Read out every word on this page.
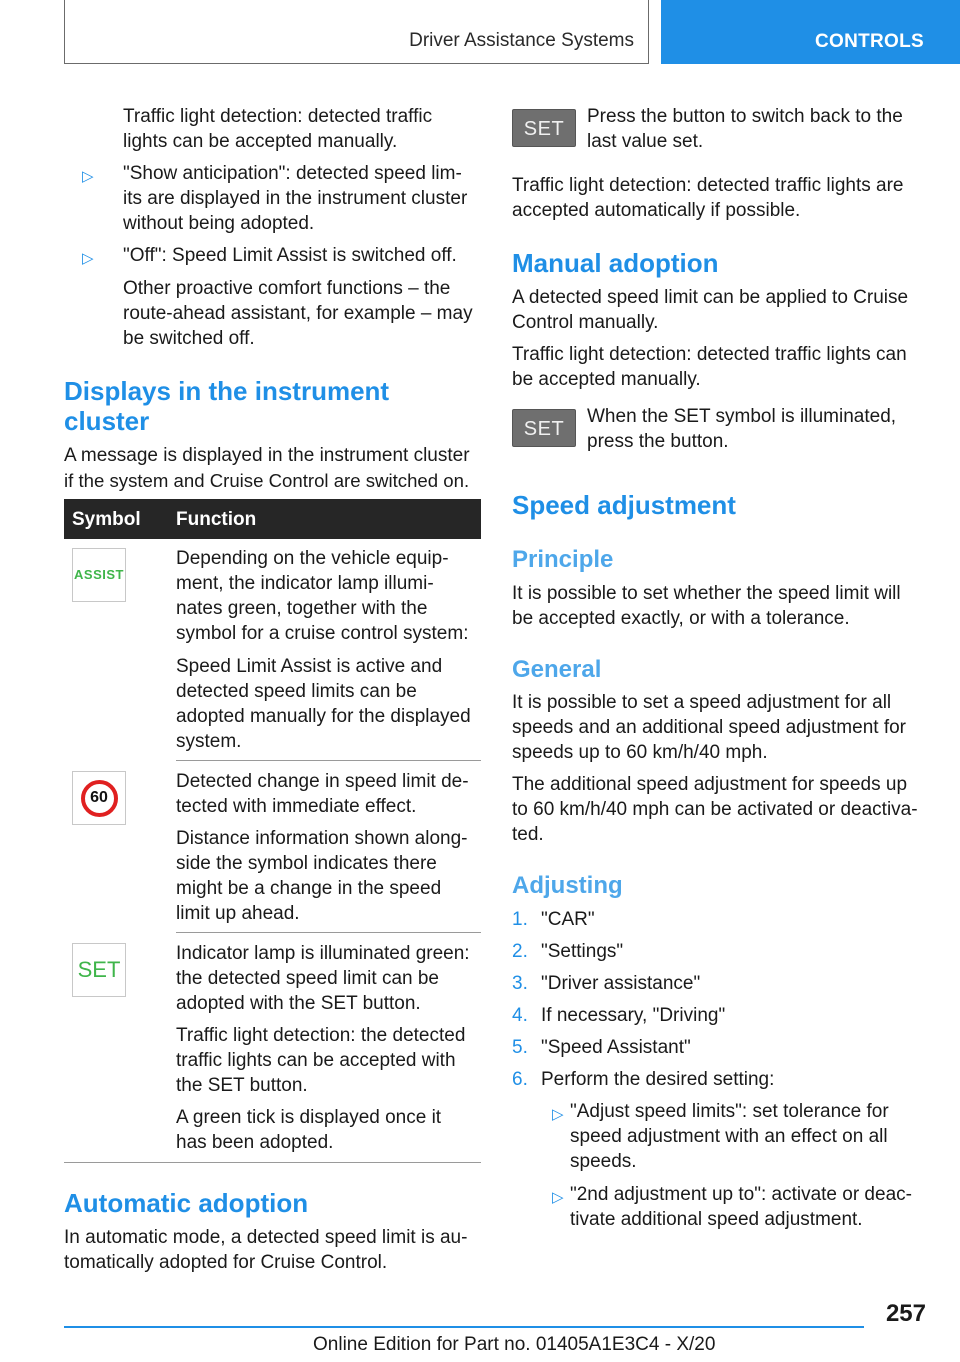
Driver Assistance Systems	CONTROLS
Traffic light detection: detected traffic
lights can be accepted manually.
▷ "Show anticipation": detected speed lim-
its are displayed in the instrument cluster
without being adopted.
▷ "Off": Speed Limit Assist is switched off.
Other proactive comfort functions – the
route-ahead assistant, for example – may
be switched off.
Displays in the instrument
cluster
A message is displayed in the instrument cluster
if the system and Cruise Control are switched on.
Symbol Function
ASSIST
Depending on the vehicle equip-
ment, the indicator lamp illumi-
nates green, together with the
symbol for a cruise control system:
Speed Limit Assist is active and
detected speed limits can be
adopted manually for the displayed
system.
60
Detected change in speed limit de-
tected with immediate effect.
Distance information shown along-
side the symbol indicates there
might be a change in the speed
limit up ahead.
SET
Indicator lamp is illuminated green:
the detected speed limit can be
adopted with the SET button.
Traffic light detection: the detected
traffic lights can be accepted with
the SET button.
A green tick is displayed once it
has been adopted.
Automatic adoption
In automatic mode, a detected speed limit is au-
tomatically adopted for Cruise Control.
SET
Press the button to switch back to the
last value set.
Traffic light detection: detected traffic lights are
accepted automatically if possible.
Manual adoption
A detected speed limit can be applied to Cruise
Control manually.
Traffic light detection: detected traffic lights can
be accepted manually.
SET
When the SET symbol is illuminated,
press the button.
Speed adjustment
Principle
It is possible to set whether the speed limit will
be accepted exactly, or with a tolerance.
General
It is possible to set a speed adjustment for all
speeds and an additional speed adjustment for
speeds up to 60 km/h/40 mph.
The additional speed adjustment for speeds up
to 60 km/h/40 mph can be activated or deactiva-
ted.
Adjusting
1. "CAR"
2. "Settings"
3. "Driver assistance"
4. If necessary, "Driving"
5. "Speed Assistant"
6. Perform the desired setting:
▷ "Adjust speed limits": set tolerance for
speed adjustment with an effect on all
speeds.
▷ "2nd adjustment up to": activate or deac-
tivate additional speed adjustment.
257
Online Edition for Part no. 01405A1E3C4 - X/20
